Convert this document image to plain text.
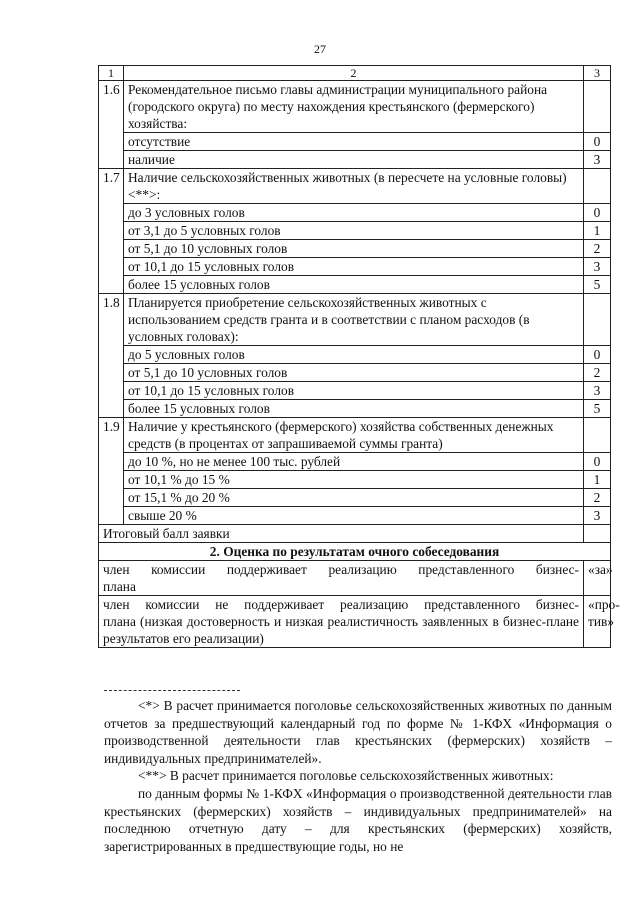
27
1	2	3
1.6	Рекомендательное письмо главы администрации муниципального района (городского округа) по месту нахождения крестьянского (фермерского) хозяйства:	
	отсутствие	0
	наличие	3
1.7	Наличие сельскохозяйственных животных (в пересчете на условные головы) <**>:	
	до 3 условных голов	0
	от 3,1 до 5 условных голов	1
	от 5,1 до 10 условных голов	2
	от 10,1 до 15 условных голов	3
	более 15 условных голов	5
1.8	Планируется приобретение сельскохозяйственных животных с использованием средств гранта и в соответствии с планом расходов (в условных головах):	
	до 5 условных голов	0
	от 5,1 до 10 условных голов	2
	от 10,1 до 15 условных голов	3
	более 15 условных голов	5
1.9	Наличие у крестьянского (фермерского) хозяйства собственных денежных средств (в процентах от запрашиваемой суммы гранта)	
	до 10 %, но не менее 100 тыс. рублей	0
	от 10,1 % до 15 %	1
	от 15,1 % до 20 %	2
	свыше 20 %	3
Итоговый балл заявки		
2. Оценка по результатам очного собеседования		

член комиссии поддерживает реализацию представленного бизнес-
плана		«за»

член комиссии не поддерживает реализацию представленного бизнес-
плана (низкая достоверность и низкая реалистичность заявленных в бизнес-плане результатов его реализации)		«про- тив»

<*> В расчет принимается поголовье сельскохозяйственных животных по данным отчетов за предшествующий календарный год по форме № 1-КФХ «Информация о производственной деятельности глав крестьянских (фермерских) хозяйств – индивидуальных предпринимателей».

<**> В расчет принимается поголовье сельскохозяйственных животных:

по данным формы № 1-КФХ «Информация о производственной деятельности глав крестьянских (фермерских) хозяйств – индивидуальных предпринимателей» на последнюю отчетную дату – для крестьянских (фермерских) хозяйств, зарегистрированных в предшествующие годы, но не
